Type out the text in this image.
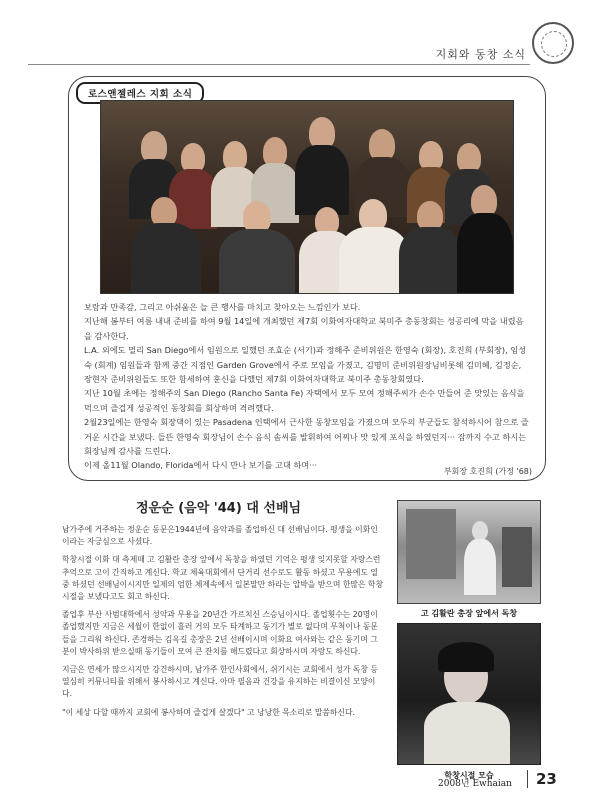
지회와 동창 소식
로스앤젤레스 지회 소식

보람과 만족감, 그리고 아쉬움은 늘 큰 행사를 마치고 찾아오는 느낌인가 보다.

지난해 봄부터 여름 내내 준비를 하여 9월 14일에 개최했던 제7회 이화여자대학교 북미주 총동창회는 성공리에 막을 내렸음을 감사한다.

L.A. 외에도 멀리 San Diego에서 임원으로 일했던 조효순 (서기)과 정해주 준비위원은 한영숙 (회장), 호진희 (부회장), 임성숙 (회계) 임원들과 함께 중간 지점인 Garden Grove에서 주로 모임을 가졌고, 김명미 준비위원장님비롯해 김미혜, 김정순, 장현자 준비위원들도 또한 함세하여 훈신을 다했던 제7회 이화여자대학교 북미주 총동창회였다.

지난 10월 초에는 정해주의 San Diego (Rancho Santa Fe) 자택에서 모두 모여 정해주씨가 손수 만들어 준 맛있는 음식을 먹으며 즐겁게 성공적인 동창회를 회상하며 격려했다.

2월23일에는 한영숙 회장댁이 있는 Pasadena 인택에서 근사한 동창모임을 가졌으며 모두의 부군들도 참석하시어 참으로 즐거운 시간을 보냈다. 들뜬 한영숙 회장님이 손수 음식 솜씨를 발휘하여 어찌나 맛 있게 포식을 하였던지··· 잠까지 수고 하시는 회장님께 감사를 드린다.

이제 올11월 Olando, Florida에서 다시 만나 보기를 고대 하며···

부회장 호진희 (가정 '68)
정운순 (음악 '44) 대 선배님

남가주에 거주하는 정운순 동문은1944년에 음악과를 졸업하신 대 선배님이다. 평생을 이화인이라는 자긍심으로 사셨다.

학창시절 이화 대 측제때 고 김활란 총장 앞에서 독창을 하였던 기억은 평생 잊지못할 자랑스런 추억으로 고이 간직하고 계신다. 학교 체육대회에서 단거리 선수로도 활동 하셨고 무용에도 열중 하셨던 선배님이시지만 일제의 엄한 체제속에서 일본말만 하라는 압박을 받으며 한많은 학창시절을 보냈다고도 회고 하신다.

졸업후 부산 사범대학에서 성악과 무용을 20년간 가르치신 스승님이시다. 졸업횟수는 20명이 졸업했지만 지금은 세월이 한없이 흘러 거의 모두 타계하고 동기가 별로 없다며 무척이나 동문들을 그리워 하신다. 존경하는 김옥길 총장은 2년 선배이시며 이화요 여사와는 같은 동기며 그분이 박사하위 받으실때 동기들이 모여 큰 잔치를 해드렸다고 회상하시며 자랑도 하신다.

지금은 연세가 많으시지만 강건하시며, 남가주 한인사회에서, 쉬기시는 교회에서 성가 독창 등 열심히 커뮤니티를 위해서 봉사하시고 계신다. 아마 필음과 건강을 유지하는 비결이신 모양이다.

"이 세상 다할 때까지 교회에 봉사하며 즐겁게 살겠다" 고 낭낭한 목소리로 말씀하신다.

고 김활란 총장 앞에서 독창
학창시절 모습
2008년 Ewhaian 23
